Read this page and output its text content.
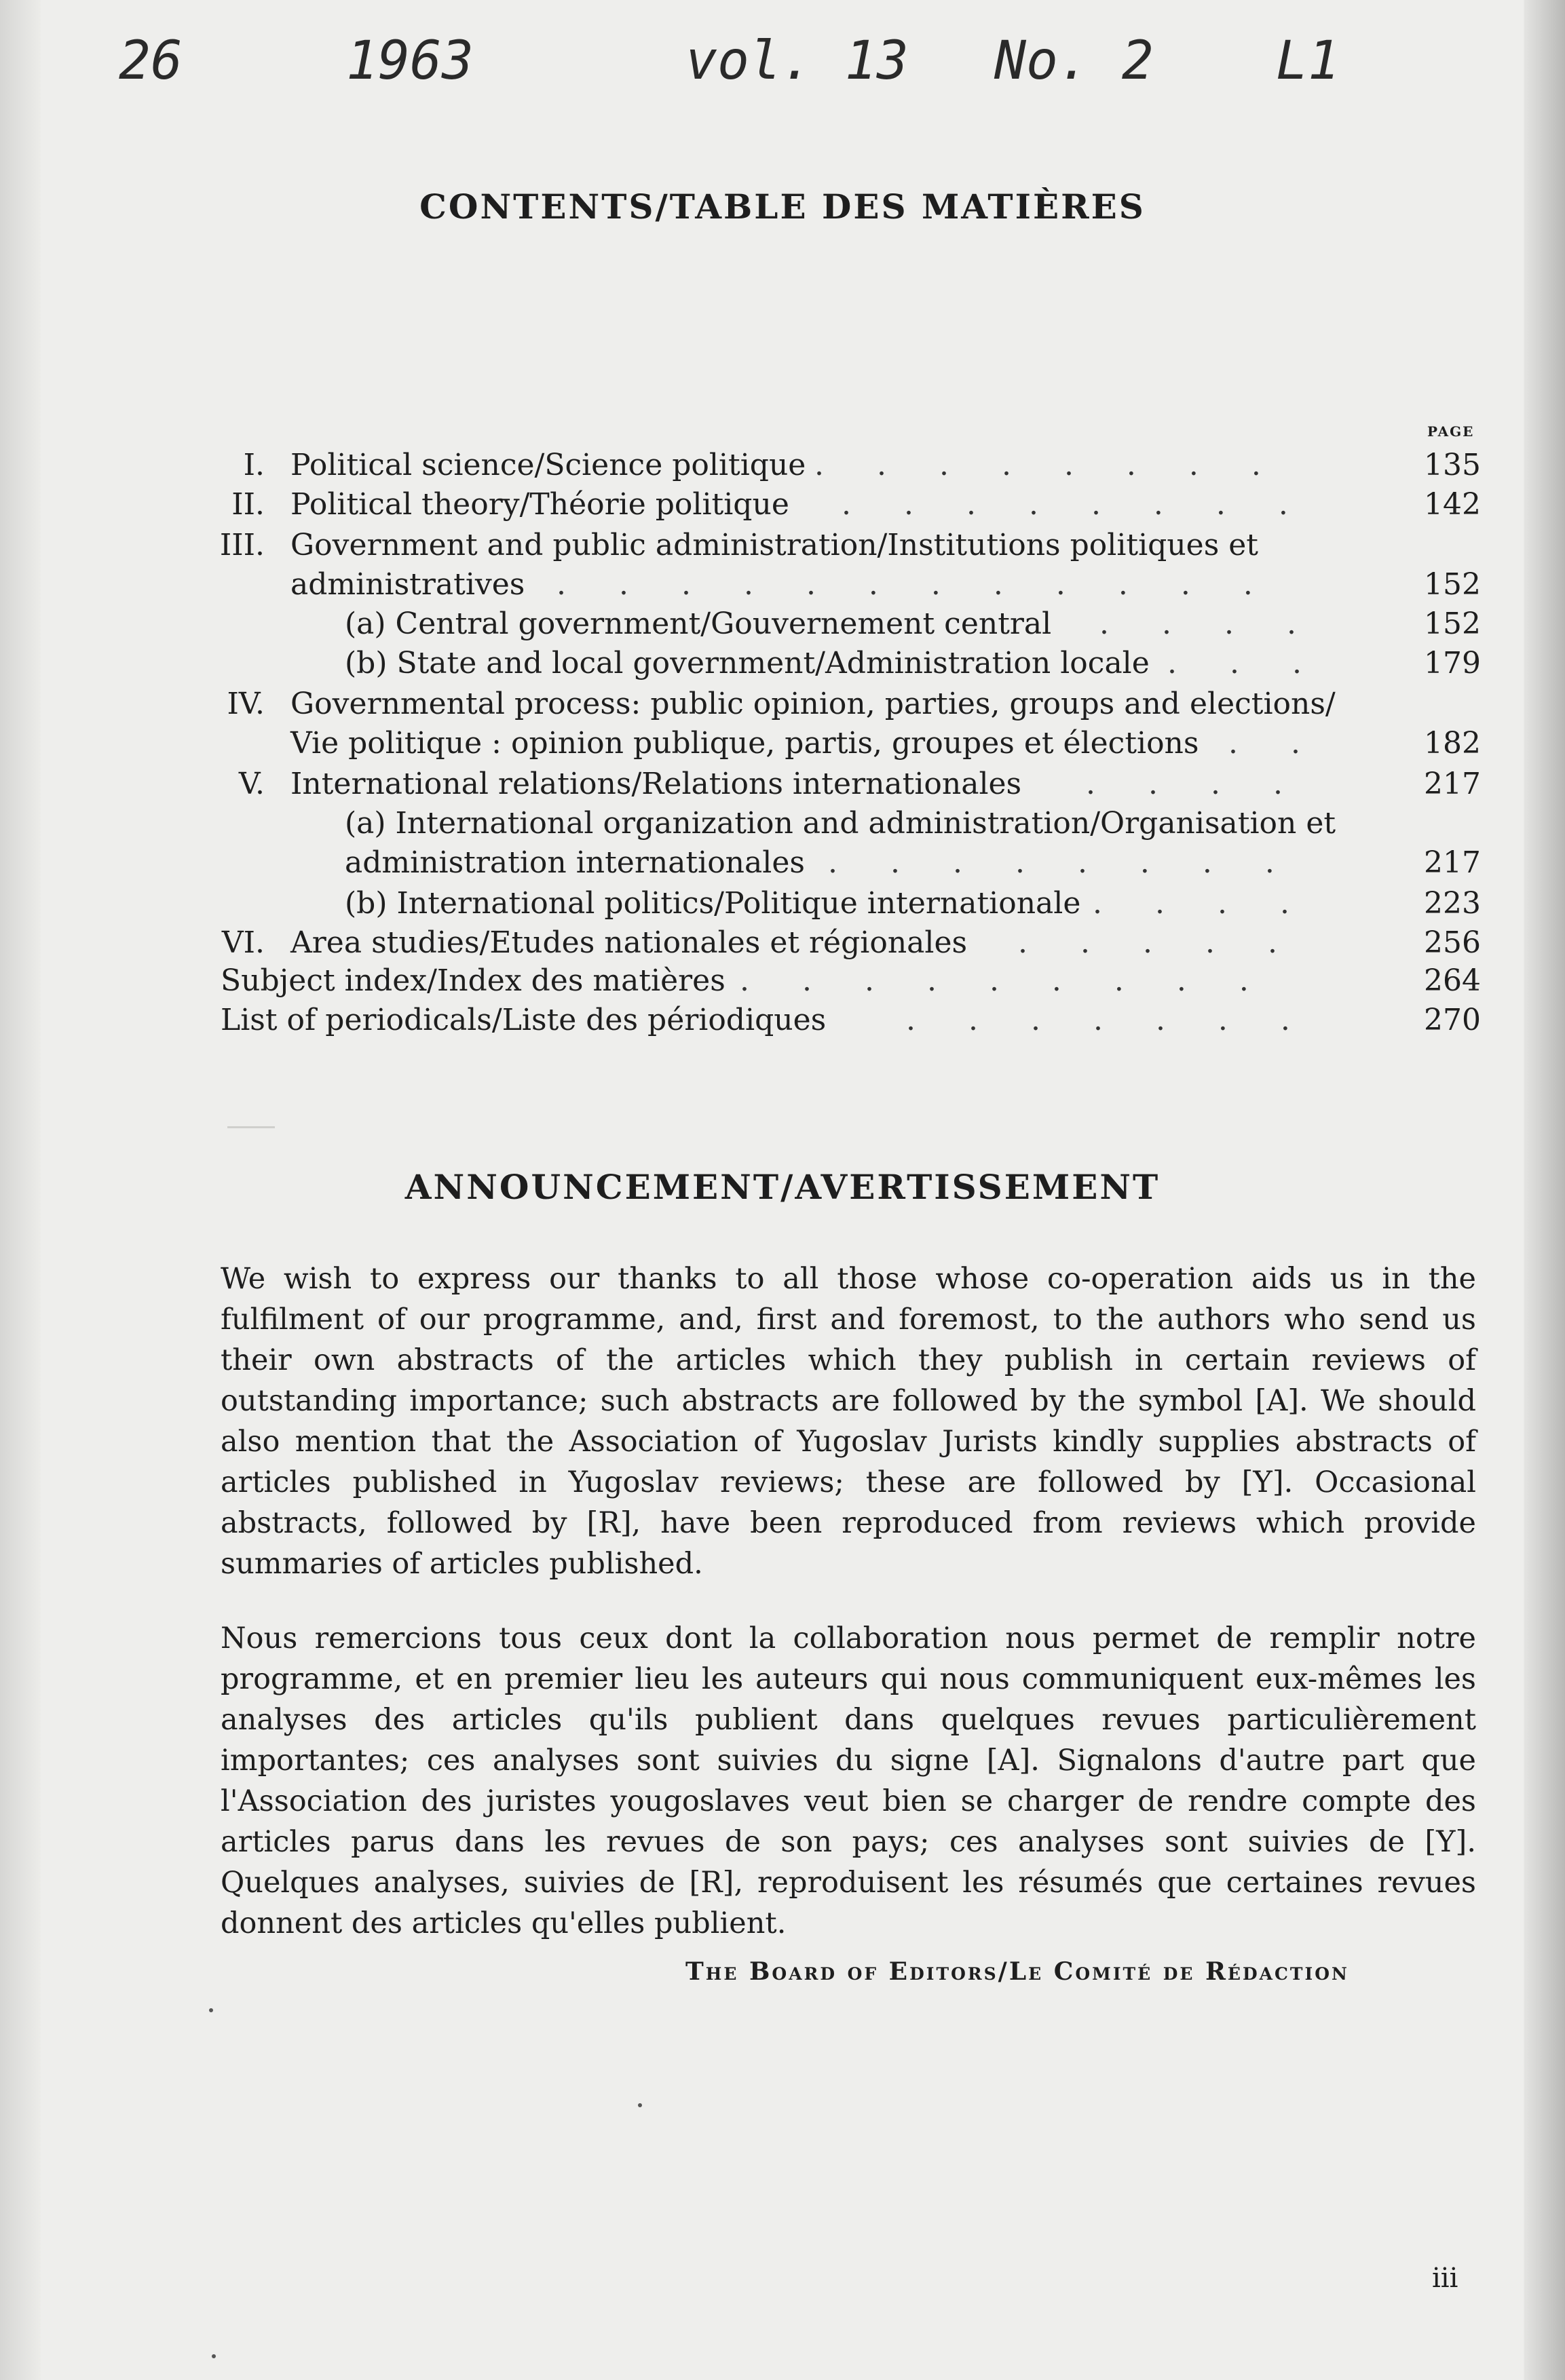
26	1963	vol. 13 No. 2 L1
CONTENTS/TABLE DES MATIÈRES
PAGE
I. Political science/Science politique ........	135
II. Political theory/Théorie politique ........	142
III. Government and public administration/Institutions politiques et
administratives ............	152
(a) Central government/Gouvernement central ....	152
(b) State and local government/Administration locale ... 179
IV. Governmental process: public opinion, parties, groups and elections/
Vie politique : opinion publique, partis, groupes et élections .. 182
V. International relations/Relations internationales ....	217
(a) International organization and administration/Organisation et
administration internationales ........	217
(b) International politics/Politique internationale ....	223
VI. Area studies/Etudes nationales et régionales .....	256
Subject index/Index des matières .........	264
List of periodicals/Liste des périodiques	.......	270
ANNOUNCEMENT/AVERTISSEMENT
We wish to express our thanks to all those whose co-operation aids us in the fulfilment of our programme, and, first and foremost, to the authors who send us their own abstracts of the articles which they publish in certain reviews of outstanding importance; such abstracts are followed by the symbol [A]. We should also mention that the Association of Yugoslav Jurists kindly supplies abstracts of articles published in Yugoslav reviews; these are followed by [Y]. Occasional abstracts, followed by [R], have been reproduced from reviews which provide summaries of articles published.
Nous remercions tous ceux dont la collaboration nous permet de remplir notre programme, et en premier lieu les auteurs qui nous communiquent eux-mêmes les analyses des articles qu'ils publient dans quelques revues particulièrement importantes; ces analyses sont suivies du signe [A]. Signalons d'autre part que l'Association des juristes yougoslaves veut bien se charger de rendre compte des articles parus dans les revues de son pays; ces analyses sont suivies de [Y]. Quelques analyses, suivies de [R], reproduisent les résumés que certaines revues donnent des articles qu'elles publient.
The Board of Editors/Le Comité de Rédaction
iii
